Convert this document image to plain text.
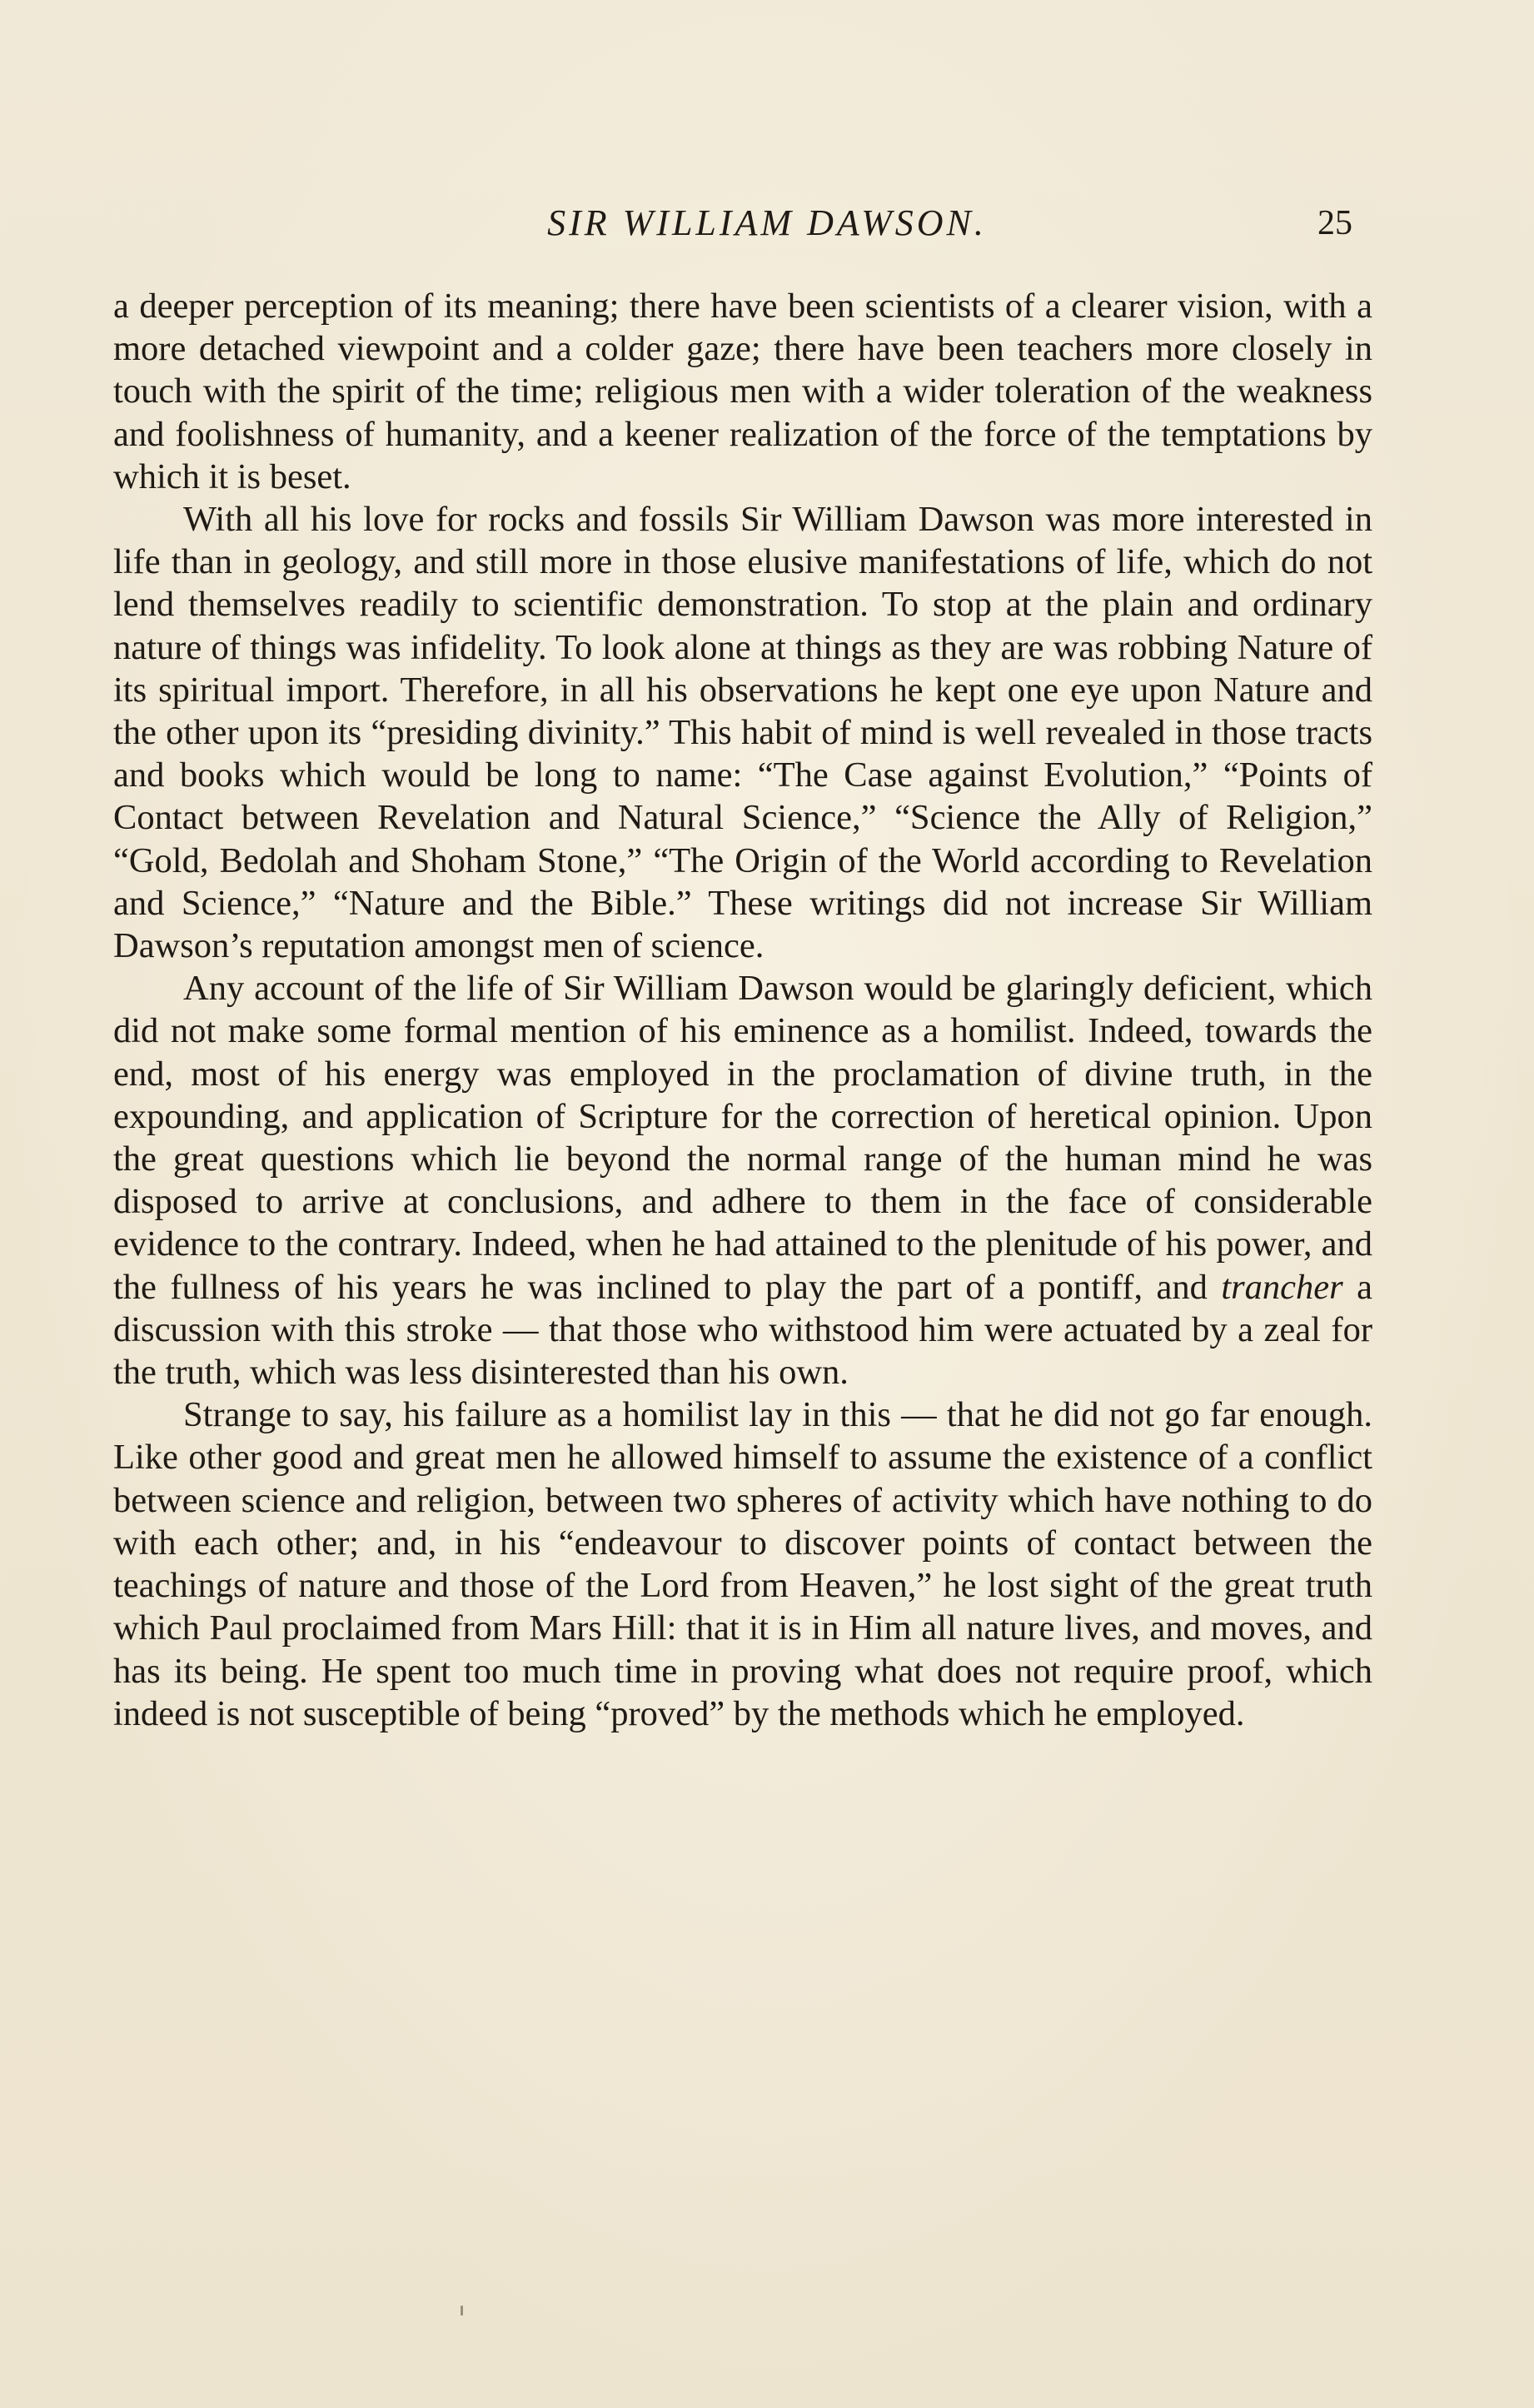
SIR WILLIAM DAWSON.	25

a deeper perception of its meaning; there have been scientists of a clearer vision, with a more detached viewpoint and a colder gaze; there have been teachers more closely in touch with the spirit of the time; religious men with a wider toleration of the weakness and foolishness of humanity, and a keener realization of the force of the temptations by which it is beset.

With all his love for rocks and fossils Sir William Dawson was more interested in life than in geology, and still more in those elusive manifestations of life, which do not lend themselves readily to scientific demonstration. To stop at the plain and ordinary nature of things was infidelity. To look alone at things as they are was robbing Nature of its spiritual import. Therefore, in all his observations he kept one eye upon Nature and the other upon its “presiding divinity.” This habit of mind is well revealed in those tracts and books which would be long to name: “The Case against Evolution,” “Points of Contact between Revelation and Natural Science,” “Science the Ally of Religion,” “Gold, Bedolah and Shoham Stone,” “The Origin of the World according to Revelation and Science,” “Nature and the Bible.” These writings did not increase Sir William Dawson’s reputation amongst men of science.

Any account of the life of Sir William Dawson would be glaringly deficient, which did not make some formal mention of his eminence as a homilist. Indeed, towards the end, most of his energy was employed in the proclamation of divine truth, in the expounding, and application of Scripture for the correction of heretical opinion. Upon the great questions which lie beyond the normal range of the human mind he was disposed to arrive at conclusions, and adhere to them in the face of considerable evidence to the contrary. Indeed, when he had attained to the plenitude of his power, and the fullness of his years he was inclined to play the part of a pontiff, and trancher a discussion with this stroke — that those who withstood him were actuated by a zeal for the truth, which was less disinterested than his own.

Strange to say, his failure as a homilist lay in this — that he did not go far enough. Like other good and great men he allowed himself to assume the existence of a conflict between science and religion, between two spheres of activity which have nothing to do with each other; and, in his “endeavour to discover points of contact between the teachings of nature and those of the Lord from Heaven,” he lost sight of the great truth which Paul proclaimed from Mars Hill: that it is in Him all nature lives, and moves, and has its being. He spent too much time in proving what does not require proof, which indeed is not susceptible of being “proved” by the methods which he employed.
